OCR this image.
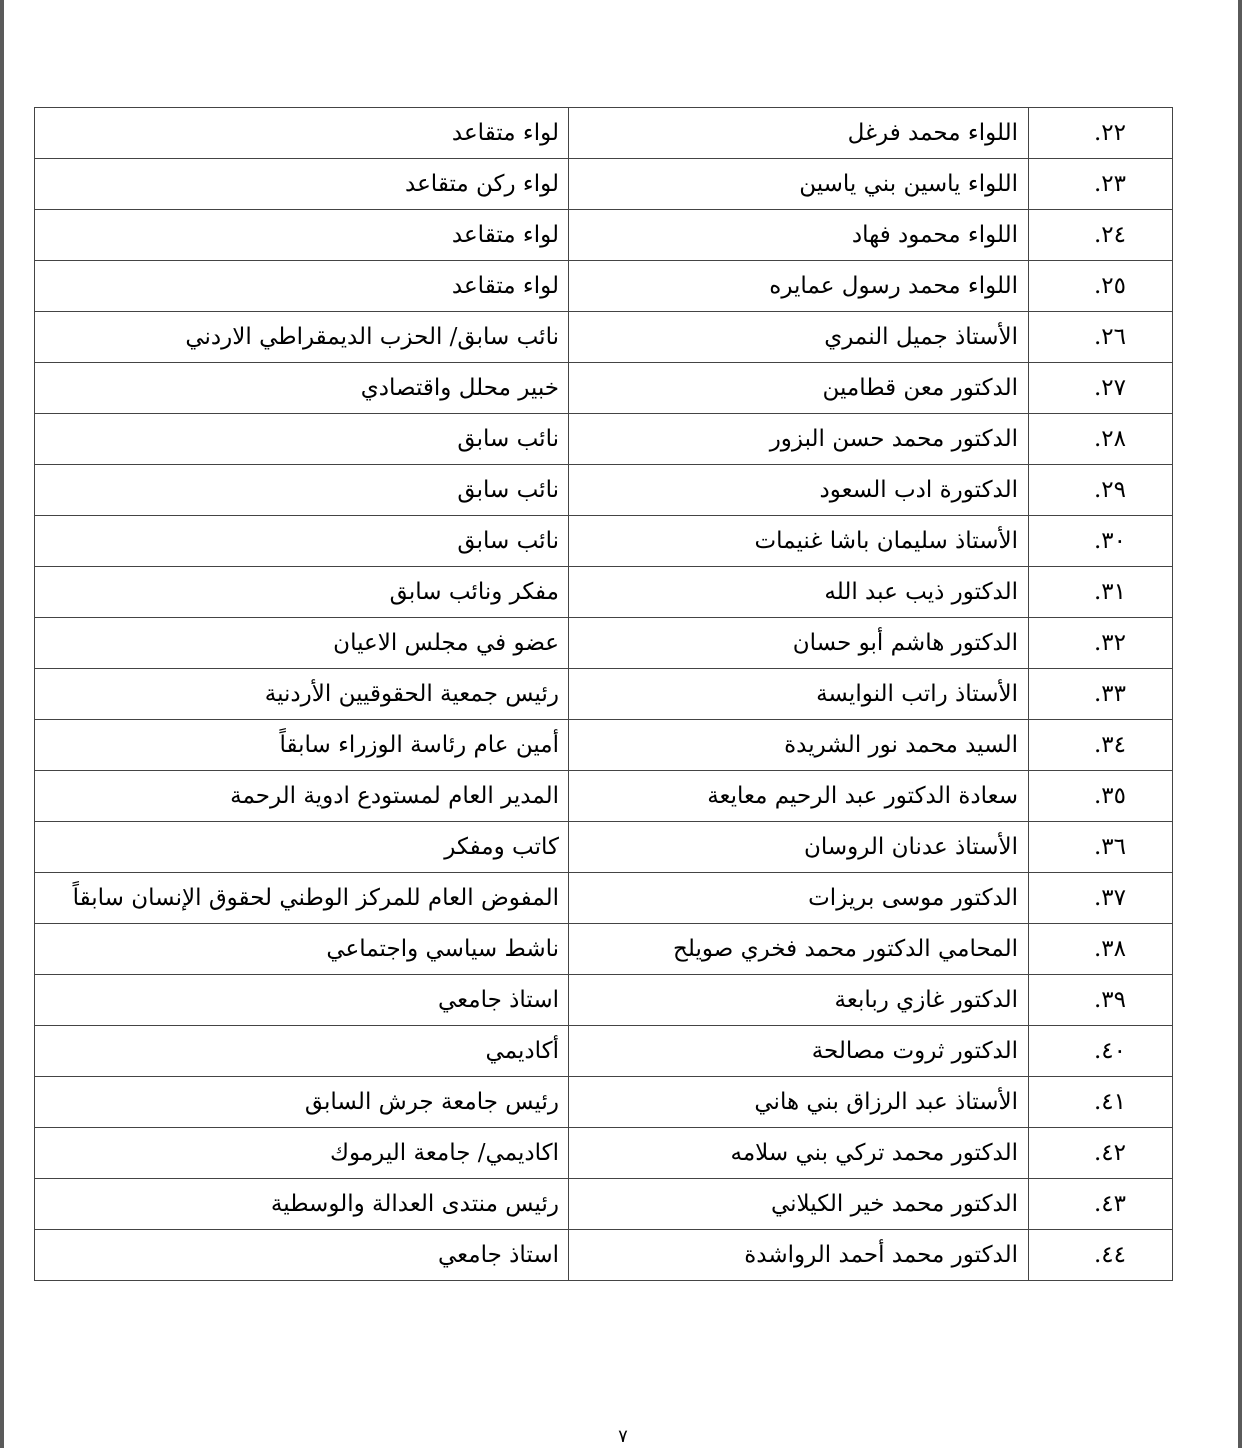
٢٢.	اللواء محمد فرغل	لواء متقاعد
٢٣.	اللواء ياسين بني ياسين	لواء ركن متقاعد
٢٤.	اللواء محمود فهاد	لواء متقاعد
٢٥.	اللواء محمد رسول عمايره	لواء متقاعد
٢٦.	الأستاذ جميل النمري	نائب سابق/ الحزب الديمقراطي الاردني
٢٧.	الدكتور معن قطامين	خبير محلل واقتصادي
٢٨.	الدكتور محمد حسن البزور	نائب سابق
٢٩.	الدكتورة ادب السعود	نائب سابق
٣٠.	الأستاذ سليمان باشا غنيمات	نائب سابق
٣١.	الدكتور ذيب عبد الله	مفكر ونائب سابق
٣٢.	الدكتور هاشم أبو حسان	عضو في مجلس الاعيان
٣٣.	الأستاذ راتب النوايسة	رئيس جمعية الحقوقيين الأردنية
٣٤.	السيد محمد نور الشريدة	أمين عام رئاسة الوزراء سابقاً
٣٥.	سعادة الدكتور عبد الرحيم معايعة	المدير العام لمستودع ادوية الرحمة
٣٦.	الأستاذ عدنان الروسان	كاتب ومفكر
٣٧.	الدكتور موسى بريزات	المفوض العام للمركز الوطني لحقوق الإنسان سابقاً
٣٨.	المحامي الدكتور محمد فخري صويلح	ناشط سياسي واجتماعي
٣٩.	الدكتور غازي ربابعة	استاذ جامعي
٤٠.	الدكتور ثروت مصالحة	أكاديمي
٤١.	الأستاذ عبد الرزاق بني هاني	رئيس جامعة جرش السابق
٤٢.	الدكتور محمد تركي بني سلامه	اكاديمي/ جامعة اليرموك
٤٣.	الدكتور محمد خير الكيلاني	رئيس منتدى العدالة والوسطية
٤٤.	الدكتور محمد أحمد الرواشدة	استاذ جامعي
٧
